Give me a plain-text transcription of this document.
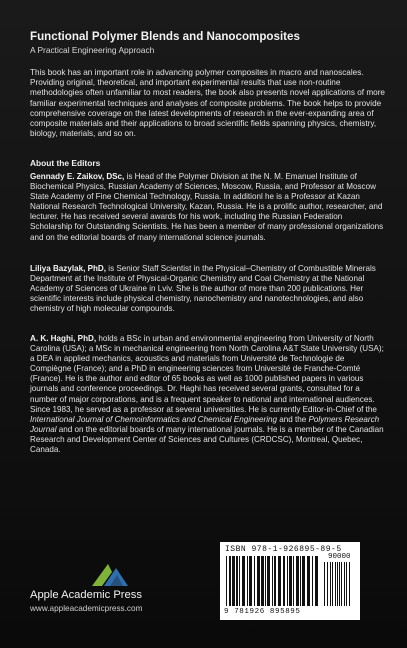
Functional Polymer Blends and Nanocomposites
A Practical Engineering Approach

This book has an important role in advancing polymer composites in macro and nanoscales. Providing original, theoretical, and important experimental results that use non-routine methodologies often unfamiliar to most readers, the book also presents novel applications of more familiar experimental techniques and analyses of composite problems. The book helps to provide comprehensive coverage on the latest developments of research in the ever-expanding area of composite materials and their applications to broad scientific fields spanning physics, chemistry, biology, materials, and so on.

About the Editors

Gennady E. Zaikov, DSc, is Head of the Polymer Division at the N. M. Emanuel Institute of Biochemical Physics, Russian Academy of Sciences, Moscow, Russia, and Professor at Moscow State Academy of Fine Chemical Technology, Russia. In additionl he is a Professor at Kazan National Research Technological University, Kazan, Russia. He is a prolific author, researcher, and lecturer. He has received several awards for his work, including the Russian Federation Scholarship for Outstanding Scientists. He has been a member of many professional organizations and on the editorial boards of many international science journals.

Liliya Bazylak, PhD, is Senior Staff Scientist in the Physical–Chemistry of Combustible Minerals Department at the Institute of Physical-Organic Chemistry and Coal Chemistry at the National Academy of Sciences of Ukraine in Lviv. She is the author of more than 200 publications. Her scientific interests include physical chemistry, nanochemistry and nanotechnologies, and also chemistry of high molecular compounds.

A. K. Haghi, PhD, holds a BSc in urban and environmental engineering from University of North Carolina (USA); a MSc in mechanical engineering from North Carolina A&T State University (USA); a DEA in applied mechanics, acoustics and materials from Université de Technologie de Compiègne (France); and a PhD in engineering sciences from Université de Franche-Comté (France). He is the author and editor of 65 books as well as 1000 published papers in various journals and conference proceedings. Dr. Haghi has received several grants, consulted for a number of major corporations, and is a frequent speaker to national and international audiences. Since 1983, he served as a professor at several universities. He is currently Editor-in-Chief of the International Journal of Chemoinformatics and Chemical Engineering and the Polymers Research Journal and on the editorial boards of many international journals. He is a member of the Canadian Research and Development Center of Sciences and Cultures (CRDCSC), Montreal, Quebec, Canada.

Apple Academic Press
www.appleacademicpress.com
ISBN 978-1-926895-89-5
90000
9 781926 895895
